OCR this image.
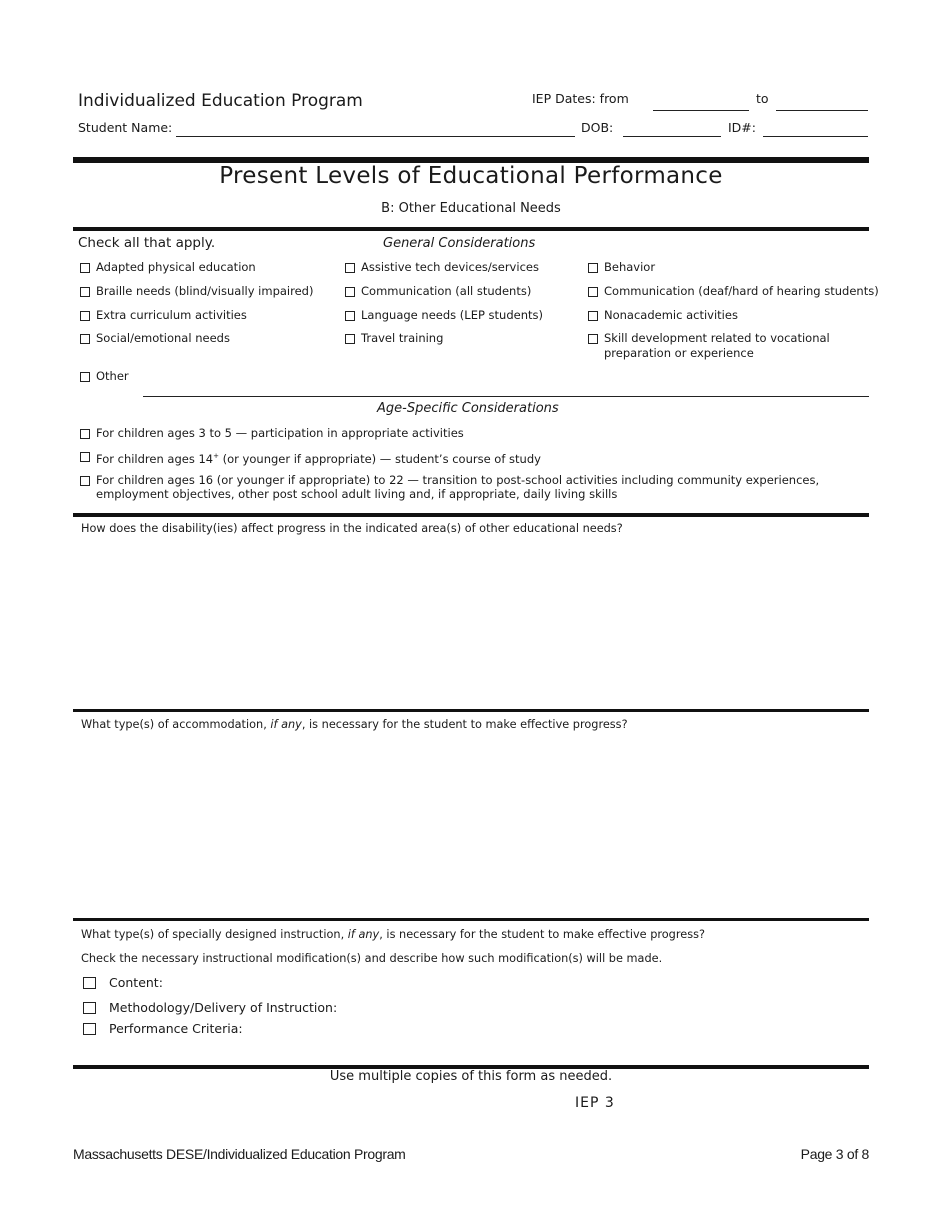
Individualized Education Program	IEP Dates: from	to
Student Name:	DOB:	ID#:
Present Levels of Educational Performance
B: Other Educational Needs
Check all that apply.	General Considerations
Adapted physical education	Assistive tech devices/services	Behavior
Braille needs (blind/visually impaired)	Communication (all students)	Communication (deaf/hard of hearing students)
Extra curriculum activities	Language needs (LEP students)	Nonacademic activities
Social/emotional needs	Travel training	Skill development related to vocational preparation or experience
Other
Age-Specific Considerations
For children ages 3 to 5 — participation in appropriate activities
For children ages 14+ (or younger if appropriate) — student’s course of study
For children ages 16 (or younger if appropriate) to 22 — transition to post-school activities including community experiences, employment objectives, other post school adult living and, if appropriate, daily living skills
How does the disability(ies) affect progress in the indicated area(s) of other educational needs?
What type(s) of accommodation, if any, is necessary for the student to make effective progress?
What type(s) of specially designed instruction, if any, is necessary for the student to make effective progress?
Check the necessary instructional modification(s) and describe how such modification(s) will be made.
Content:
Methodology/Delivery of Instruction:
Performance Criteria:
Use multiple copies of this form as needed.
IEP 3
Massachusetts DESE/Individualized Education Program	Page 3 of 8
